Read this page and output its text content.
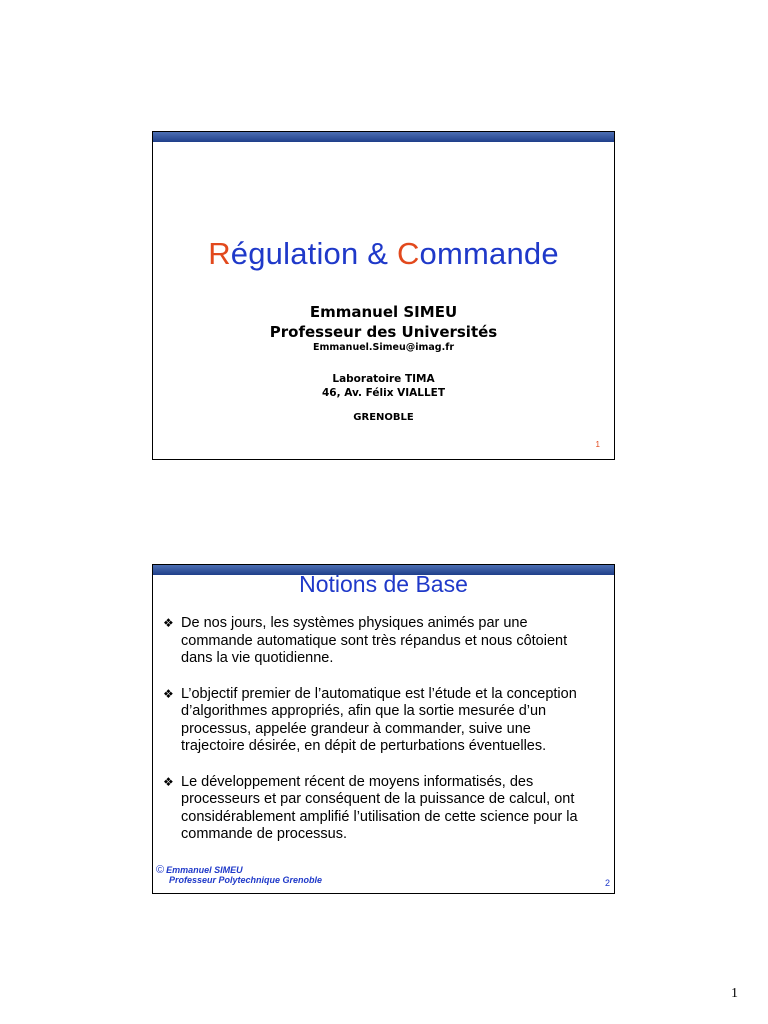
Régulation & Commande
Emmanuel SIMEU
Professeur des Universités
Emmanuel.Simeu@imag.fr
Laboratoire TIMA
46, Av. Félix VIALLET
GRENOBLE
1
Notions de Base
❖ De nos jours, les systèmes physiques animés par une commande automatique sont très répandus et nous côtoient dans la vie quotidienne.
❖ L’objectif premier de l’automatique est l’étude et la conception d’algorithmes appropriés, afin que la sortie mesurée d’un processus, appelée grandeur à commander, suive une trajectoire désirée, en dépit de perturbations éventuelles.
❖ Le développement récent de moyens informatisés, des processeurs et par conséquent de la puissance de calcul, ont considérablement amplifié l’utilisation de cette science pour la commande de processus.
© Emmanuel SIMEU
Professeur Polytechnique Grenoble	2
1
